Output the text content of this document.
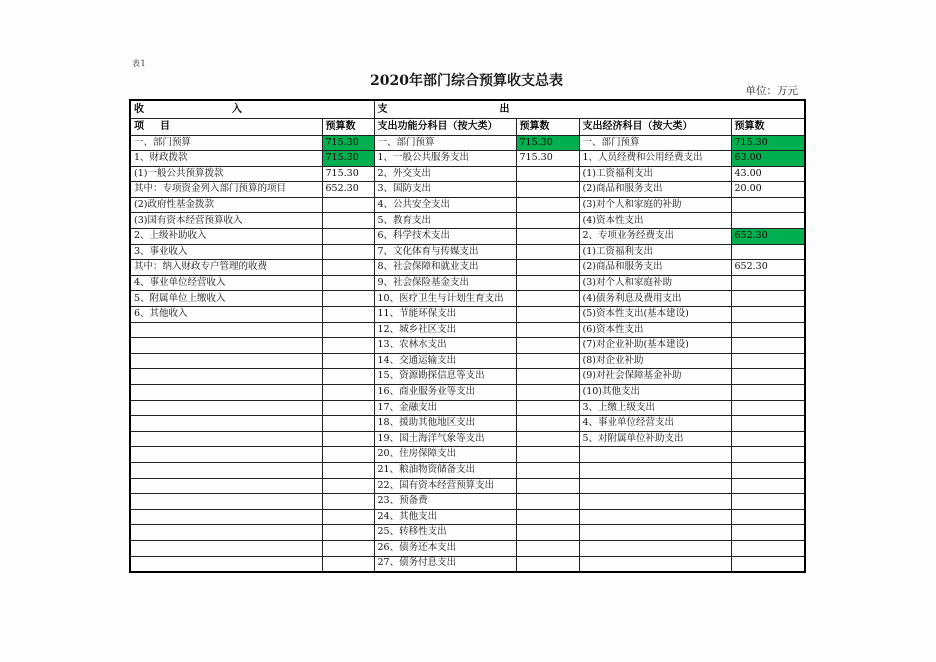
表1
2020年部门综合预算收支总表
单位：万元
收入		支出			
项目	预算数	支出功能分科目（按大类）	预算数	支出经济科目（按大类）	预算数
一、部门预算	715.30	一、部门预算	715.30	一、部门预算	715.30
1、财政拨款	715.30	1、一般公共服务支出	715.30	1、人员经费和公用经费支出	63.00
(1)一般公共预算拨款	715.30	2、外交支出		(1)工资福利支出	43.00
其中：专项资金列入部门预算的项目	652.30	3、国防支出		(2)商品和服务支出	20.00
(2)政府性基金拨款		4、公共安全支出		(3)对个人和家庭的补助	
(3)国有资本经营预算收入		5、教育支出		(4)资本性支出	
2、上级补助收入		6、科学技术支出		2、专项业务经费支出	652.30
3、事业收入		7、文化体育与传媒支出		(1)工资福利支出	
其中：纳入财政专户管理的收费		8、社会保障和就业支出		(2)商品和服务支出	652.30
4、事业单位经营收入		9、社会保险基金支出		(3)对个人和家庭补助	
5、附属单位上缴收入		10、医疗卫生与计划生育支出		(4)债务利息及费用支出	
6、其他收入		11、节能环保支出		(5)资本性支出(基本建设)	
		12、城乡社区支出		(6)资本性支出	
		13、农林水支出		(7)对企业补助(基本建设)	
		14、交通运输支出		(8)对企业补助	
		15、资源勘探信息等支出		(9)对社会保障基金补助	
		16、商业服务业等支出		(10)其他支出	
		17、金融支出		3、上缴上级支出	
		18、援助其他地区支出		4、事业单位经营支出	
		19、国土海洋气象等支出		5、对附属单位补助支出	
		20、住房保障支出			
		21、粮油物资储备支出			
		22、国有资本经营预算支出			
		23、预备费			
		24、其他支出			
		25、转移性支出			
		26、债务还本支出			
		27、债务付息支出			
